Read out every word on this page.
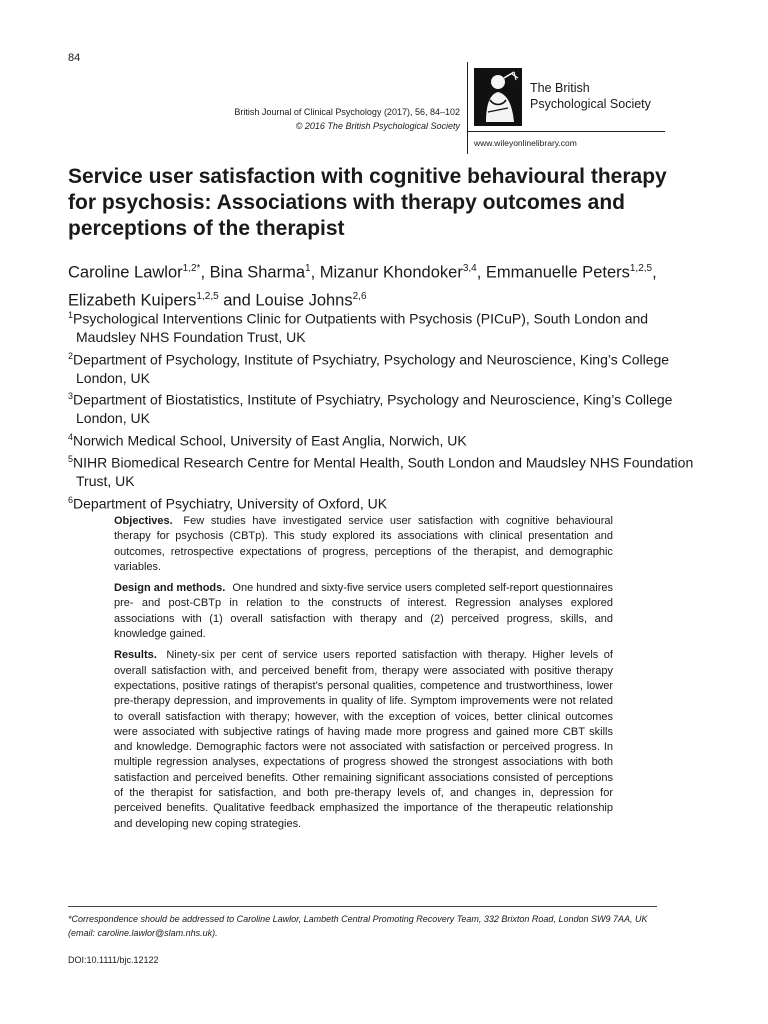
84
British Journal of Clinical Psychology (2017), 56, 84–102
© 2016 The British Psychological Society
The British
Psychological Society
www.wileyonlinelibrary.com
Service user satisfaction with cognitive behavioural therapy for psychosis: Associations with therapy outcomes and perceptions of the therapist
Caroline Lawlor$^{1,2*}$, Bina Sharma$^1$, Mizanur Khondoker$^{3,4}$, Emmanuelle Peters$^{1,2,5}$, Elizabeth Kuipers$^{1,2,5}$ and Louise Johns$^{2,6}$

$^1$Psychological Interventions Clinic for Outpatients with Psychosis (PICuP), South London and Maudsley NHS Foundation Trust, UK

$^2$Department of Psychology, Institute of Psychiatry, Psychology and Neuroscience, King’s College London, UK

$^3$Department of Biostatistics, Institute of Psychiatry, Psychology and Neuroscience, King’s College London, UK

$^4$Norwich Medical School, University of East Anglia, Norwich, UK

$^5$NIHR Biomedical Research Centre for Mental Health, South London and Maudsley NHS Foundation Trust, UK

$^6$Department of Psychiatry, University of Oxford, UK

Objectives. Few studies have investigated service user satisfaction with cognitive behavioural therapy for psychosis (CBTp). This study explored its associations with clinical presentation and outcomes, retrospective expectations of progress, perceptions of the therapist, and demographic variables.

Design and methods. One hundred and sixty-five service users completed self-report questionnaires pre- and post-CBTp in relation to the constructs of interest. Regression analyses explored associations with (1) overall satisfaction with therapy and (2) perceived progress, skills, and knowledge gained.

Results. Ninety-six per cent of service users reported satisfaction with therapy. Higher levels of overall satisfaction with, and perceived benefit from, therapy were associated with positive therapy expectations, positive ratings of therapist’s personal qualities, competence and trustworthiness, lower pre-therapy depression, and improvements in quality of life. Symptom improvements were not related to overall satisfaction with therapy; however, with the exception of voices, better clinical outcomes were associated with subjective ratings of having made more progress and gained more CBT skills and knowledge. Demographic factors were not associated with satisfaction or perceived progress. In multiple regression analyses, expectations of progress showed the strongest associations with both satisfaction and perceived benefits. Other remaining significant associations consisted of perceptions of the therapist for satisfaction, and both pre-therapy levels of, and changes in, depression for perceived benefits. Qualitative feedback emphasized the importance of the therapeutic relationship and developing new coping strategies.

*Correspondence should be addressed to Caroline Lawlor, Lambeth Central Promoting Recovery Team, 332 Brixton Road, London SW9 7AA, UK (email: caroline.lawlor@slam.nhs.uk).
DOI:10.1111/bjc.12122
